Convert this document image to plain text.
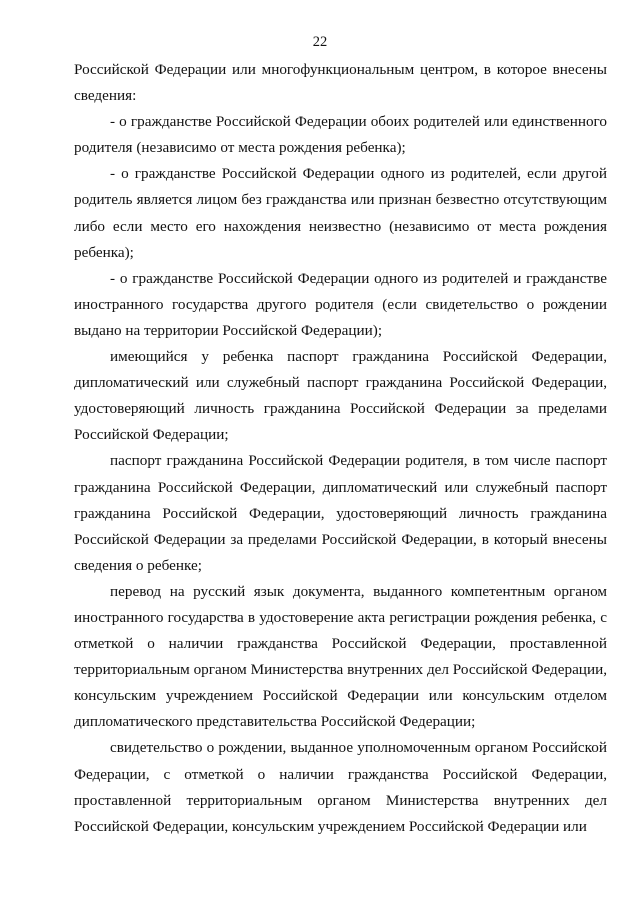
22

Российской Федерации или многофункциональным центром, в которое внесены сведения:

- о гражданстве Российской Федерации обоих родителей или единственного родителя (независимо от места рождения ребенка);

- о гражданстве Российской Федерации одного из родителей, если другой родитель является лицом без гражданства или признан безвестно отсутствующим либо если место его нахождения неизвестно (независимо от места рождения ребенка);

- о гражданстве Российской Федерации одного из родителей и гражданстве иностранного государства другого родителя (если свидетельство о рождении выдано на территории Российской Федерации);

имеющийся у ребенка паспорт гражданина Российской Федерации, дипломатический или служебный паспорт гражданина Российской Федерации, удостоверяющий личность гражданина Российской Федерации за пределами Российской Федерации;

паспорт гражданина Российской Федерации родителя, в том числе паспорт гражданина Российской Федерации, дипломатический или служебный паспорт гражданина Российской Федерации, удостоверяющий личность гражданина Российской Федерации за пределами Российской Федерации, в который внесены сведения о ребенке;

перевод на русский язык документа, выданного компетентным органом иностранного государства в удостоверение акта регистрации рождения ребенка, с отметкой о наличии гражданства Российской Федерации, проставленной территориальным органом Министерства внутренних дел Российской Федерации, консульским учреждением Российской Федерации или консульским отделом дипломатического представительства Российской Федерации;

свидетельство о рождении, выданное уполномоченным органом Российской Федерации, с отметкой о наличии гражданства Российской Федерации, проставленной территориальным органом Министерства внутренних дел Российской Федерации, консульским учреждением Российской Федерации или
